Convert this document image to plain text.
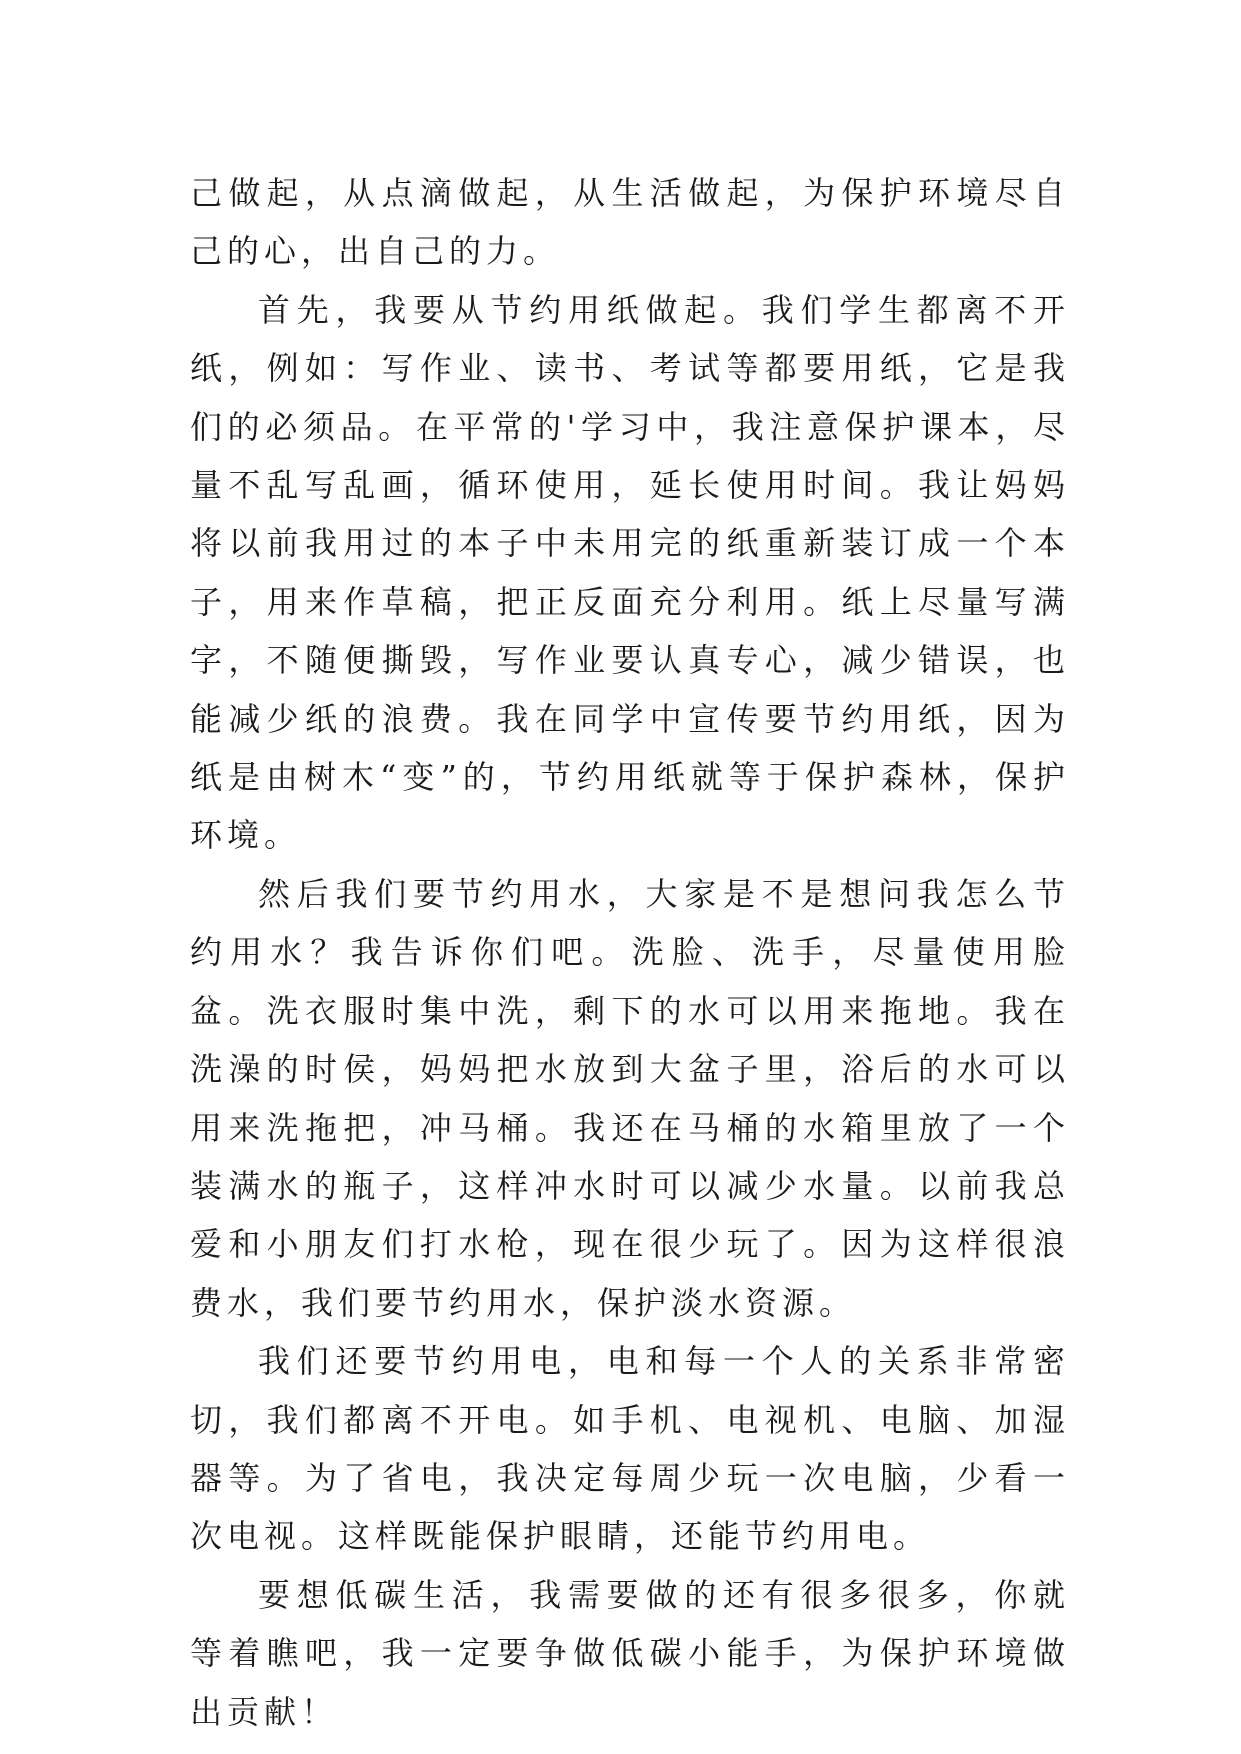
己做起，从点滴做起，从生活做起，为保护环境尽自己的心，出自己的力。

首先，我要从节约用纸做起。我们学生都离不开纸，例如：写作业、读书、考试等都要用纸，它是我们的必须品。在平常的'学习中，我注意保护课本，尽量不乱写乱画，循环使用，延长使用时间。我让妈妈将以前我用过的本子中未用完的纸重新装订成一个本子，用来作草稿，把正反面充分利用。纸上尽量写满字，不随便撕毁，写作业要认真专心，减少错误，也能减少纸的浪费。我在同学中宣传要节约用纸，因为纸是由树木“变”的，节约用纸就等于保护森林，保护环境。

然后我们要节约用水，大家是不是想问我怎么节约用水？我告诉你们吧。洗脸、洗手，尽量使用脸盆。洗衣服时集中洗，剩下的水可以用来拖地。我在洗澡的时侯，妈妈把水放到大盆子里，浴后的水可以用来洗拖把，冲马桶。我还在马桶的水箱里放了一个装满水的瓶子，这样冲水时可以减少水量。以前我总爱和小朋友们打水枪，现在很少玩了。因为这样很浪费水，我们要节约用水，保护淡水资源。

我们还要节约用电，电和每一个人的关系非常密切，我们都离不开电。如手机、电视机、电脑、加湿器等。为了省电，我决定每周少玩一次电脑，少看一次电视。这样既能保护眼睛，还能节约用电。

要想低碳生活，我需要做的还有很多很多，你就等着瞧吧，我一定要争做低碳小能手，为保护环境做出贡献！
